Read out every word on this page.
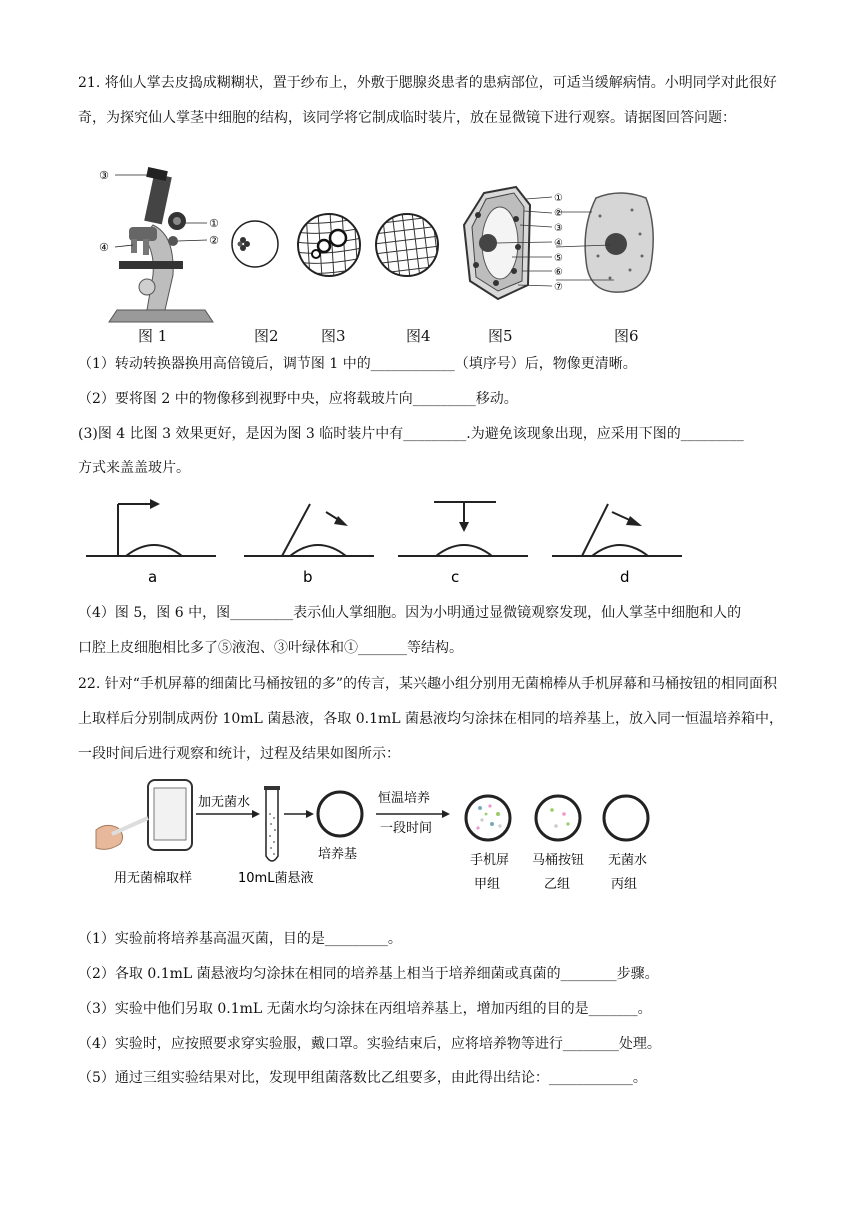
21. 将仙人掌去皮捣成糊糊状，置于纱布上，外敷于腮腺炎患者的患病部位，可适当缓解病情。小明同学对此很好奇，为探究仙人掌茎中细胞的结构，该同学将它制成临时装片，放在显微镜下进行观察。请据图回答问题：
③
①
④
②
①
②
③
④
⑤
⑥
⑦
图 1	图2	图3	图4	图5	图6
（1）转动转换器换用高倍镜后，调节图 1 中的____________（填序号）后，物像更清晰。
（2）要将图 2 中的物像移到视野中央，应将载玻片向_________移动。
(3)图 4 比图 3 效果更好，是因为图 3 临时装片中有_________.为避免该现象出现，应采用下图的_________
方式来盖盖玻片。
a	b	c	d
（4）图 5，图 6 中，图_________表示仙人掌细胞。因为小明通过显微镜观察发现，仙人掌茎中细胞和人的
口腔上皮细胞相比多了⑤液泡、③叶绿体和①_______等结构。
22. 针对“手机屏幕的细菌比马桶按钮的多”的传言，某兴趣小组分别用无菌棉棒从手机屏幕和马桶按钮的相同面积上取样后分别制成两份 10mL 菌悬液，各取 0.1mL 菌悬液均匀涂抹在相同的培养基上，放入同一恒温培养箱中，一段时间后进行观察和统计，过程及结果如图所示：
用无菌棉取样
加无菌水
10mL菌悬液
培养基
恒温培养
一段时间
手机屏
甲组
马桶按钮
乙组
无菌水
丙组
（1）实验前将培养基高温灭菌，目的是_________。
（2）各取 0.1mL 菌悬液均匀涂抹在相同的培养基上相当于培养细菌或真菌的________步骤。
（3）实验中他们另取 0.1mL 无菌水均匀涂抹在丙组培养基上，增加丙组的目的是_______。
（4）实验时，应按照要求穿实验服，戴口罩。实验结束后，应将培养物等进行________处理。
（5）通过三组实验结果对比，发现甲组菌落数比乙组要多，由此得出结论：____________。
